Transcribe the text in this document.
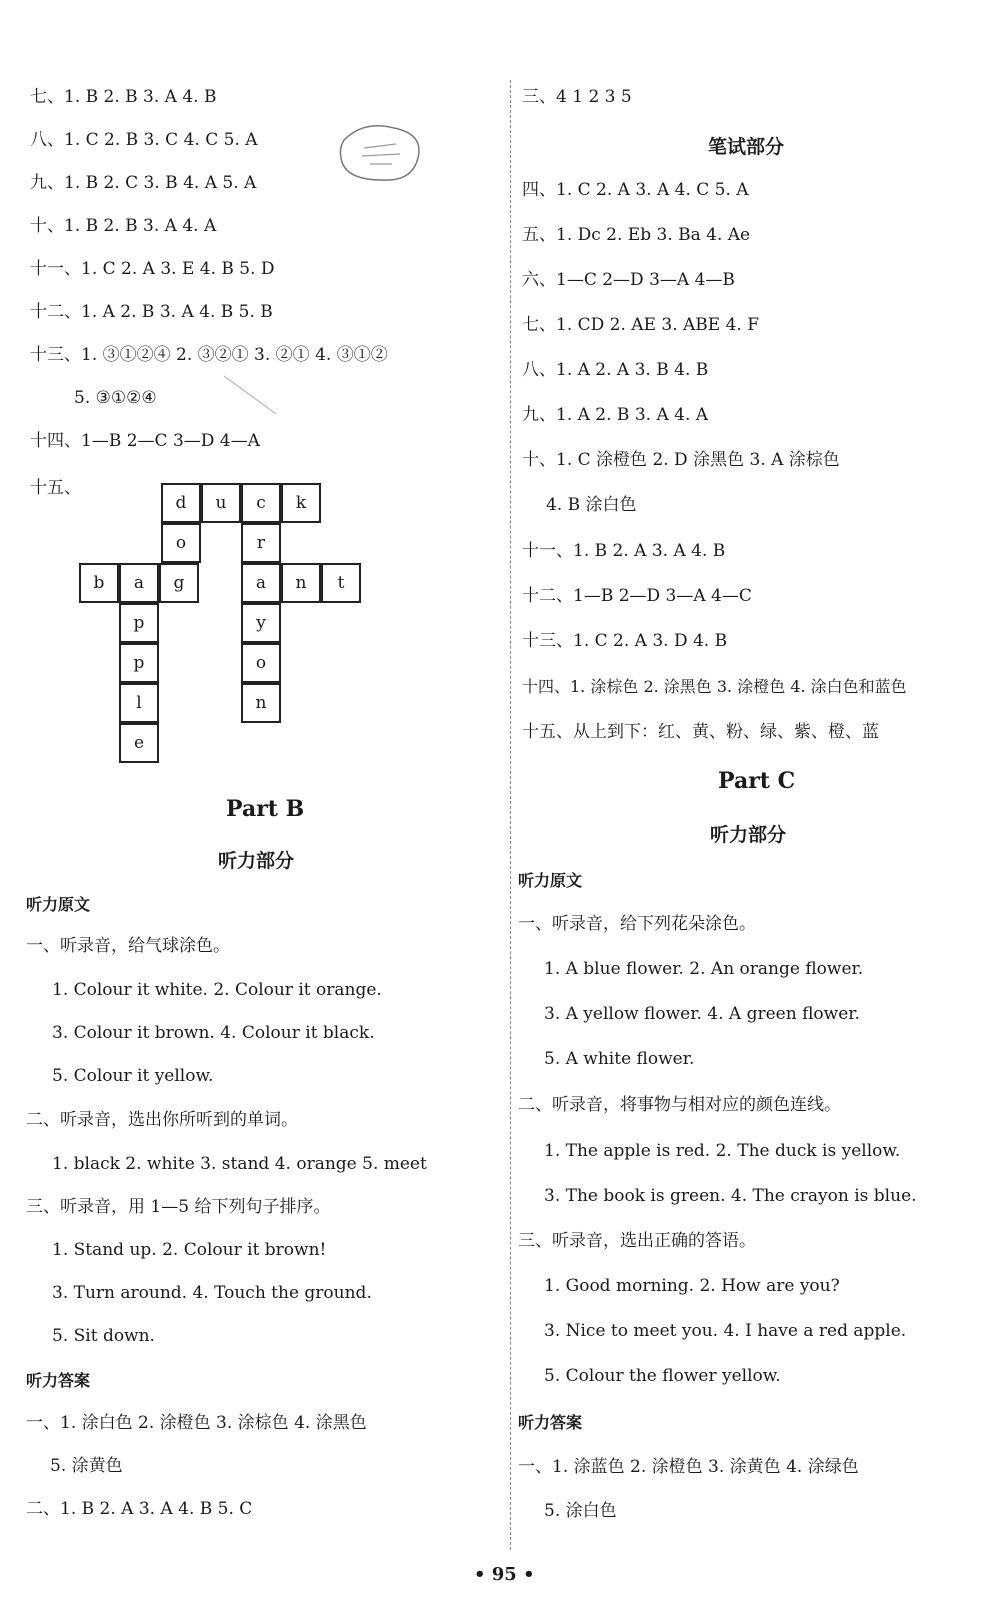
七、1. B 2. B 3. A 4. B
八、1. C 2. B 3. C 4. C 5. A
九、1. B 2. C 3. B 4. A 5. A
十、1. B 2. B 3. A 4. A
十一、1. C 2. A 3. E 4. B 5. D
十二、1. A 2. B 3. A 4. B 5. B
十三、1. ③①②④ 2. ③②① 3. ②① 4. ③①②
5. ③①②④
十四、1—B 2—C 3—D 4—A
十五、
d	u	c	k
o	r
b	a	g	a	n	t
p	y
p	o
l	n
e
Part B
听力部分
听力原文
一、听录音，给气球涂色。
1. Colour it white. 2. Colour it orange.
3. Colour it brown. 4. Colour it black.
5. Colour it yellow.
二、听录音，选出你所听到的单词。
1. black 2. white 3. stand 4. orange 5. meet
三、听录音，用 1—5 给下列句子排序。
1. Stand up. 2. Colour it brown!
3. Turn around. 4. Touch the ground.
5. Sit down.
听力答案
一、1. 涂白色 2. 涂橙色 3. 涂棕色 4. 涂黑色
5. 涂黄色
二、1. B 2. A 3. A 4. B 5. C
三、4 1 2 3 5
笔试部分
四、1. C 2. A 3. A 4. C 5. A
五、1. Dc 2. Eb 3. Ba 4. Ae
六、1—C 2—D 3—A 4—B
七、1. CD 2. AE 3. ABE 4. F
八、1. A 2. A 3. B 4. B
九、1. A 2. B 3. A 4. A
十、1. C 涂橙色 2. D 涂黑色 3. A 涂棕色
4. B 涂白色
十一、1. B 2. A 3. A 4. B
十二、1—B 2—D 3—A 4—C
十三、1. C 2. A 3. D 4. B
十四、1. 涂棕色 2. 涂黑色 3. 涂橙色 4. 涂白色和蓝色
十五、从上到下：红、黄、粉、绿、紫、橙、蓝
Part C
听力部分
听力原文
一、听录音，给下列花朵涂色。
1. A blue flower. 2. An orange flower.
3. A yellow flower. 4. A green flower.
5. A white flower.
二、听录音，将事物与相对应的颜色连线。
1. The apple is red. 2. The duck is yellow.
3. The book is green. 4. The crayon is blue.
三、听录音，选出正确的答语。
1. Good morning. 2. How are you?
3. Nice to meet you. 4. I have a red apple.
5. Colour the flower yellow.
听力答案
一、1. 涂蓝色 2. 涂橙色 3. 涂黄色 4. 涂绿色
5. 涂白色
• 95 •
